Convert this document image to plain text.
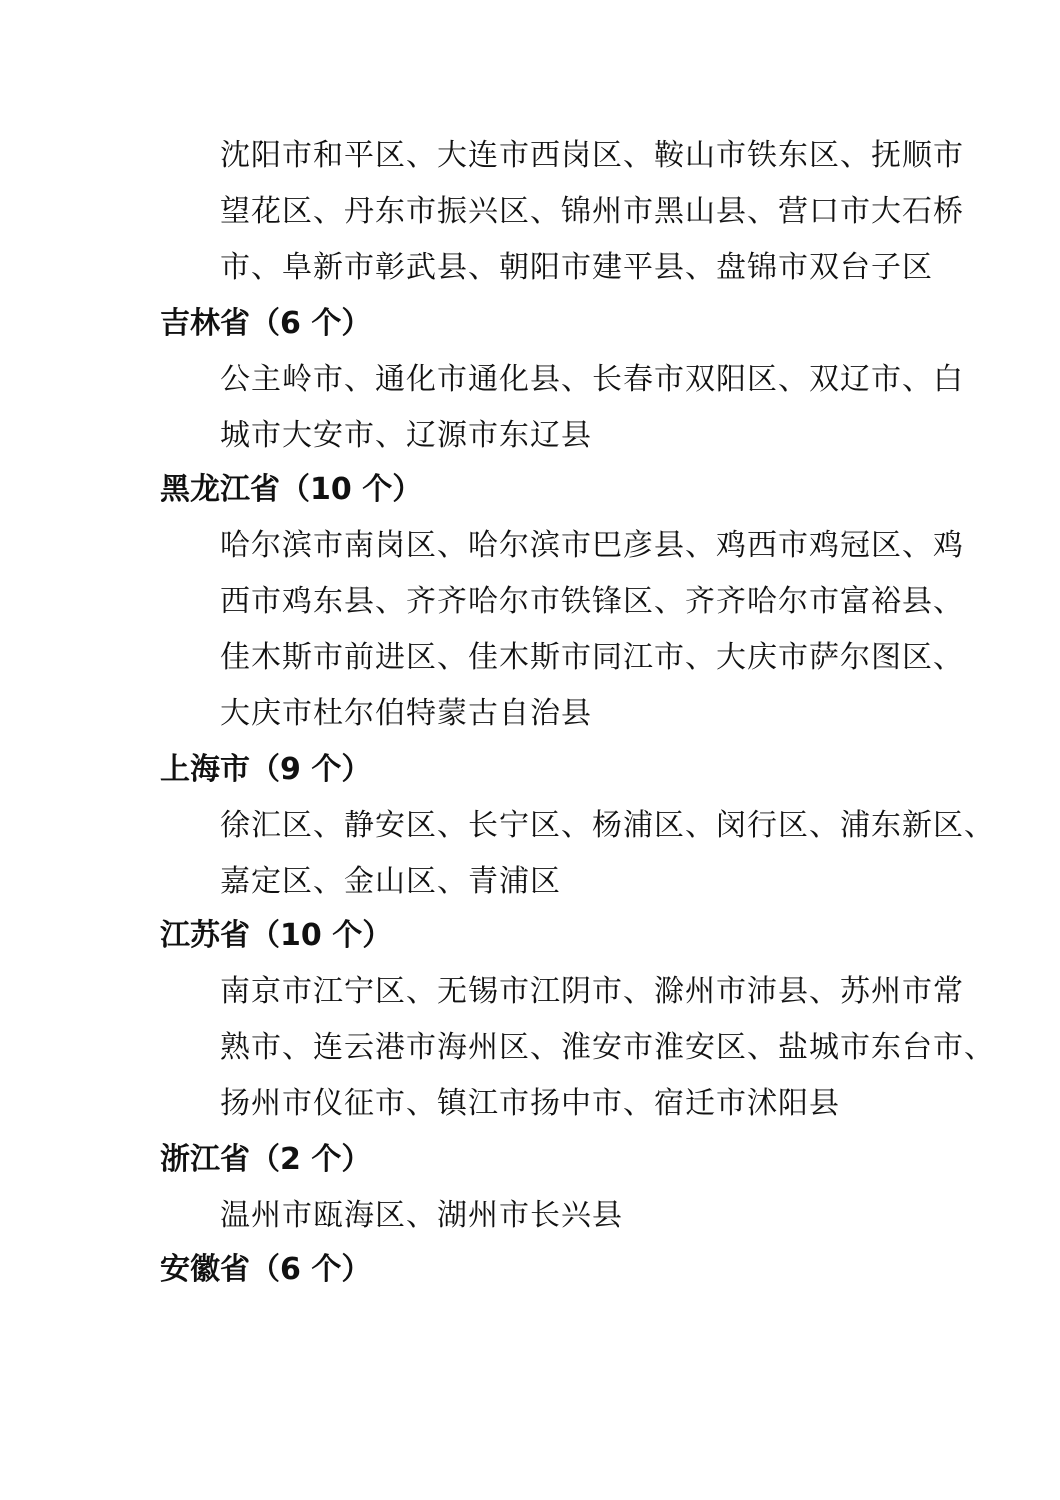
沈阳市和平区、大连市西岗区、鞍山市铁东区、抚顺市
望花区、丹东市振兴区、锦州市黑山县、营口市大石桥
市、阜新市彰武县、朝阳市建平县、盘锦市双台子区
吉林省（6 个）
公主岭市、通化市通化县、长春市双阳区、双辽市、白
城市大安市、辽源市东辽县
黑龙江省（10 个）
哈尔滨市南岗区、哈尔滨市巴彦县、鸡西市鸡冠区、鸡
西市鸡东县、齐齐哈尔市铁锋区、齐齐哈尔市富裕县、
佳木斯市前进区、佳木斯市同江市、大庆市萨尔图区、
大庆市杜尔伯特蒙古自治县
上海市（9 个）
徐汇区、静安区、长宁区、杨浦区、闵行区、浦东新区、
嘉定区、金山区、青浦区
江苏省（10 个）
南京市江宁区、无锡市江阴市、滁州市沛县、苏州市常
熟市、连云港市海州区、淮安市淮安区、盐城市东台市、
扬州市仪征市、镇江市扬中市、宿迁市沭阳县
浙江省（2 个）
温州市瓯海区、湖州市长兴县
安徽省（6 个）
